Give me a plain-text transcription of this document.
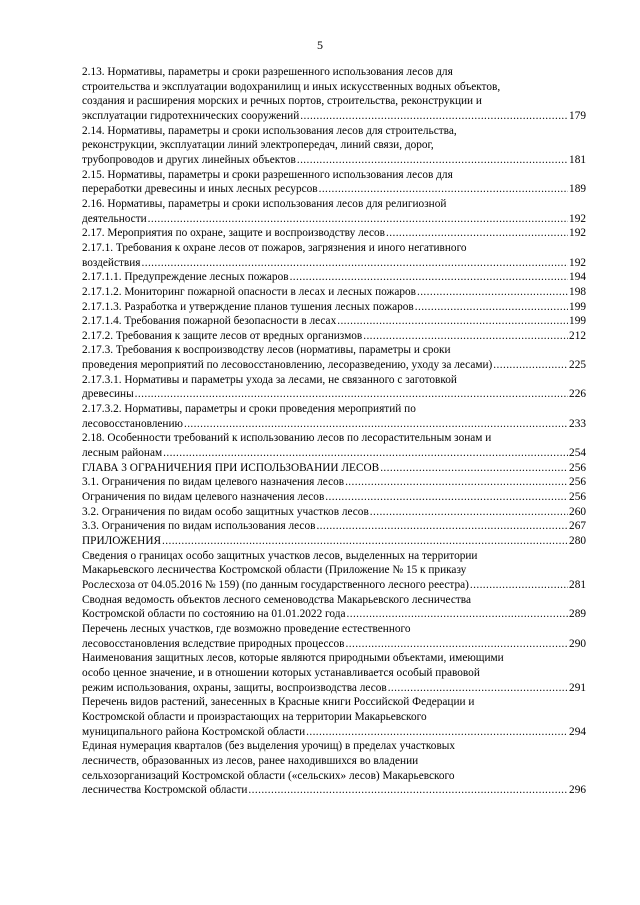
5
2.13. Нормативы, параметры и сроки разрешенного использования лесов для
строительства и эксплуатации водохранилищ и иных искусственных водных объектов,
создания и расширения морских и речных портов, строительства, реконструкции и
эксплуатации гидротехнических сооружений .....	179
2.14. Нормативы, параметры и сроки использования лесов для строительства,
реконструкции, эксплуатации линий электропередач, линий связи, дорог,
трубопроводов и других линейных объектов .....	181
2.15. Нормативы, параметры и сроки разрешенного использования лесов для
переработки древесины и иных лесных ресурсов .....	189
2.16. Нормативы, параметры и сроки использования лесов для религиозной
деятельности .....	192
2.17. Мероприятия по охране, защите и воспроизводству лесов .....	192
2.17.1. Требования к охране лесов от пожаров, загрязнения и иного негативного
воздействия .....	192
2.17.1.1. Предупреждение лесных пожаров .....	194
2.17.1.2. Мониторинг пожарной опасности в лесах и лесных пожаров .....	198
2.17.1.3. Разработка и утверждение планов тушения лесных пожаров .....	199
2.17.1.4. Требования пожарной безопасности в лесах .....	199
2.17.2. Требования к защите лесов от вредных организмов .....	212
2.17.3. Требования к воспроизводству лесов (нормативы, параметры и сроки
проведения мероприятий по лесовосстановлению, лесоразведению, уходу за лесами) .....	225
2.17.3.1. Нормативы и параметры ухода за лесами, не связанного с заготовкой
древесины .....	226
2.17.3.2. Нормативы, параметры и сроки проведения мероприятий по
лесовосстановлению .....	233
2.18. Особенности требований к использованию лесов по лесорастительным зонам и
лесным районам .....	254
ГЛАВА 3 ОГРАНИЧЕНИЯ ПРИ ИСПОЛЬЗОВАНИИ ЛЕСОВ .....	256
3.1. Ограничения по видам целевого назначения лесов .....	256
Ограничения по видам целевого назначения лесов .....	256
3.2. Ограничения по видам особо защитных участков лесов .....	260
3.3. Ограничения по видам использования лесов .....	267
ПРИЛОЖЕНИЯ .....	280
Сведения о границах особо защитных участков лесов, выделенных на территории
Макарьевского лесничества Костромской области (Приложение № 15 к приказу
Рослесхоза от 04.05.2016 № 159) (по данным государственного лесного реестра) .....	281
Сводная ведомость объектов лесного семеноводства Макарьевского лесничества
Костромской области по состоянию на 01.01.2022 года .....	289
Перечень лесных участков, где возможно проведение естественного
лесовосстановления вследствие природных процессов .....	290
Наименования защитных лесов, которые являются природными объектами, имеющими
особо ценное значение, и в отношении которых устанавливается особый правовой
режим использования, охраны, защиты, воспроизводства лесов .....	291
Перечень видов растений, занесенных в Красные книги Российской Федерации и
Костромской области и произрастающих на территории Макарьевского
муниципального района Костромской области .....	294
Единая нумерация кварталов (без выделения урочищ) в пределах участковых
лесничеств, образованных из лесов, ранее находившихся во владении
сельхозорганизаций Костромской области («сельских» лесов) Макарьевского
лесничества Костромской области .....	296
